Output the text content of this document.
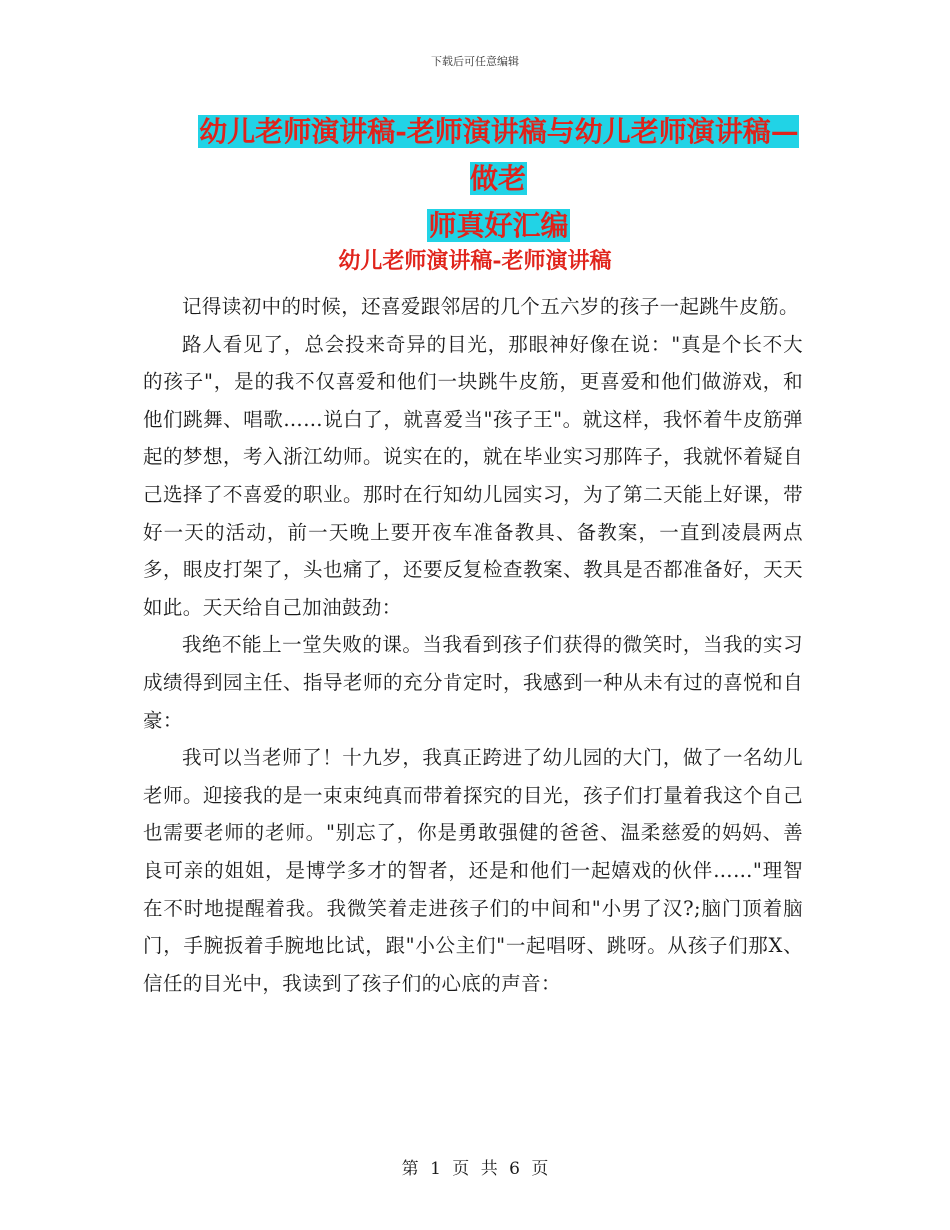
下载后可任意编辑
幼儿老师演讲稿-老师演讲稿与幼儿老师演讲稿—做老
师真好汇编
幼儿老师演讲稿-老师演讲稿

记得读初中的时候，还喜爱跟邻居的几个五六岁的孩子一起跳牛皮筋。

路人看见了，总会投来奇异的目光，那眼神好像在说："真是个长不大的孩子"，是的我不仅喜爱和他们一块跳牛皮筋，更喜爱和他们做游戏，和他们跳舞、唱歌……说白了，就喜爱当"孩子王"。就这样，我怀着牛皮筋弹起的梦想，考入浙江幼师。说实在的，就在毕业实习那阵子，我就怀着疑自己选择了不喜爱的职业。那时在行知幼儿园实习，为了第二天能上好课，带好一天的活动，前一天晚上要开夜车准备教具、备教案，一直到凌晨两点多，眼皮打架了，头也痛了，还要反复检查教案、教具是否都准备好，天天如此。天天给自己加油鼓劲：

我绝不能上一堂失败的课。当我看到孩子们获得的微笑时，当我的实习成绩得到园主任、指导老师的充分肯定时，我感到一种从未有过的喜悦和自豪：

我可以当老师了！十九岁，我真正跨进了幼儿园的大门，做了一名幼儿老师。迎接我的是一束束纯真而带着探究的目光，孩子们打量着我这个自己也需要老师的老师。"别忘了，你是勇敢强健的爸爸、温柔慈爱的妈妈、善良可亲的姐姐，是博学多才的智者，还是和他们一起嬉戏的伙伴……"理智在不时地提醒着我。我微笑着走进孩子们的中间和"小男了汉?;脑门顶着脑门，手腕扳着手腕地比试，跟"小公主们"一起唱呀、跳呀。从孩子们那X、信任的目光中，我读到了孩子们的心底的声音：

第 1 页 共 6 页
